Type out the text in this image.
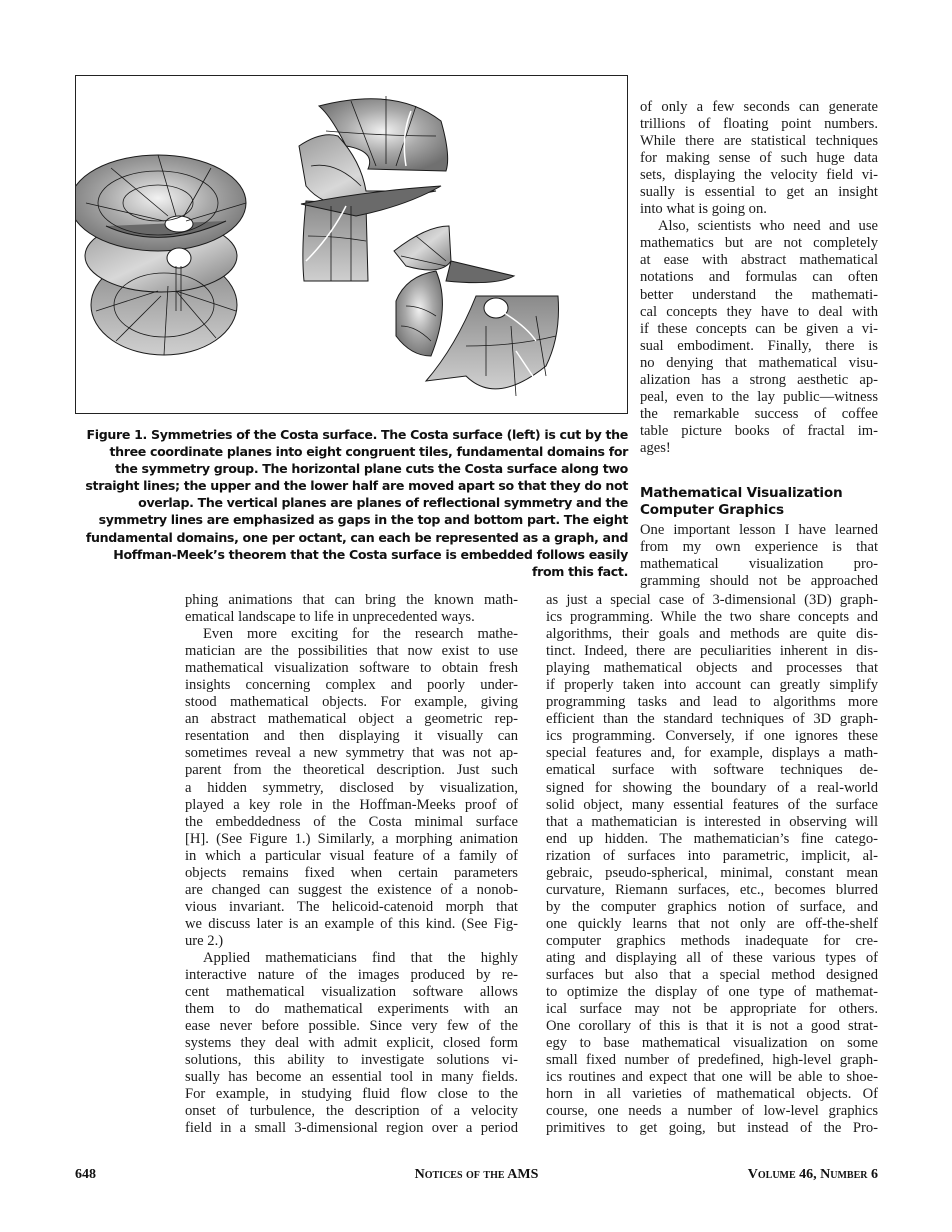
Figure 1. Symmetries of the Costa surface. The Costa surface (left) is cut by the
three coordinate planes into eight congruent tiles, fundamental domains for
the symmetry group. The horizontal plane cuts the Costa surface along two
straight lines; the upper and the lower half are moved apart so that they do not
overlap. The vertical planes are planes of reflectional symmetry and the
symmetry lines are emphasized as gaps in the top and bottom part. The eight
fundamental domains, one per octant, can each be represented as a graph, and
Hoffman-Meek’s theorem that the Costa surface is embedded follows easily
from this fact.
of only a few seconds can generate
trillions of floating point numbers.
While there are statistical techniques
for making sense of such huge data
sets, displaying the velocity field vi-
sually is essential to get an insight
into what is going on.
Also, scientists who need and use
mathematics but are not completely
at ease with abstract mathematical
notations and formulas can often
better understand the mathemati-
cal concepts they have to deal with
if these concepts can be given a vi-
sual embodiment. Finally, there is
no denying that mathematical visu-
alization has a strong aesthetic ap-
peal, even to the lay public—witness
the remarkable success of coffee
table picture books of fractal im-
ages!
Mathematical Visualization
Computer Graphics
One important lesson I have learned
from my own experience is that
mathematical visualization pro-
gramming should not be approached
phing animations that can bring the known math-
ematical landscape to life in unprecedented ways.
Even more exciting for the research mathe-
matician are the possibilities that now exist to use
mathematical visualization software to obtain fresh
insights concerning complex and poorly under-
stood mathematical objects. For example, giving
an abstract mathematical object a geometric rep-
resentation and then displaying it visually can
sometimes reveal a new symmetry that was not ap-
parent from the theoretical description. Just such
a hidden symmetry, disclosed by visualization,
played a key role in the Hoffman-Meeks proof of
the embeddedness of the Costa minimal surface
[H]. (See Figure 1.) Similarly, a morphing animation
in which a particular visual feature of a family of
objects remains fixed when certain parameters
are changed can suggest the existence of a nonob-
vious invariant. The helicoid-catenoid morph that
we discuss later is an example of this kind. (See Fig-
ure 2.)
Applied mathematicians find that the highly
interactive nature of the images produced by re-
cent mathematical visualization software allows
them to do mathematical experiments with an
ease never before possible. Since very few of the
systems they deal with admit explicit, closed form
solutions, this ability to investigate solutions vi-
sually has become an essential tool in many fields.
For example, in studying fluid flow close to the
onset of turbulence, the description of a velocity
field in a small 3-dimensional region over a period
as just a special case of 3-dimensional (3D) graph-
ics programming. While the two share concepts and
algorithms, their goals and methods are quite dis-
tinct. Indeed, there are peculiarities inherent in dis-
playing mathematical objects and processes that
if properly taken into account can greatly simplify
programming tasks and lead to algorithms more
efficient than the standard techniques of 3D graph-
ics programming. Conversely, if one ignores these
special features and, for example, displays a math-
ematical surface with software techniques de-
signed for showing the boundary of a real-world
solid object, many essential features of the surface
that a mathematician is interested in observing will
end up hidden. The mathematician’s fine catego-
rization of surfaces into parametric, implicit, al-
gebraic, pseudo-spherical, minimal, constant mean
curvature, Riemann surfaces, etc., becomes blurred
by the computer graphics notion of surface, and
one quickly learns that not only are off-the-shelf
computer graphics methods inadequate for cre-
ating and displaying all of these various types of
surfaces but also that a special method designed
to optimize the display of one type of mathemat-
ical surface may not be appropriate for others.
One corollary of this is that it is not a good strat-
egy to base mathematical visualization on some
small fixed number of predefined, high-level graph-
ics routines and expect that one will be able to shoe-
horn in all varieties of mathematical objects. Of
course, one needs a number of low-level graphics
primitives to get going, but instead of the Pro-
648	Notices of the AMS	Volume 46, Number 6
